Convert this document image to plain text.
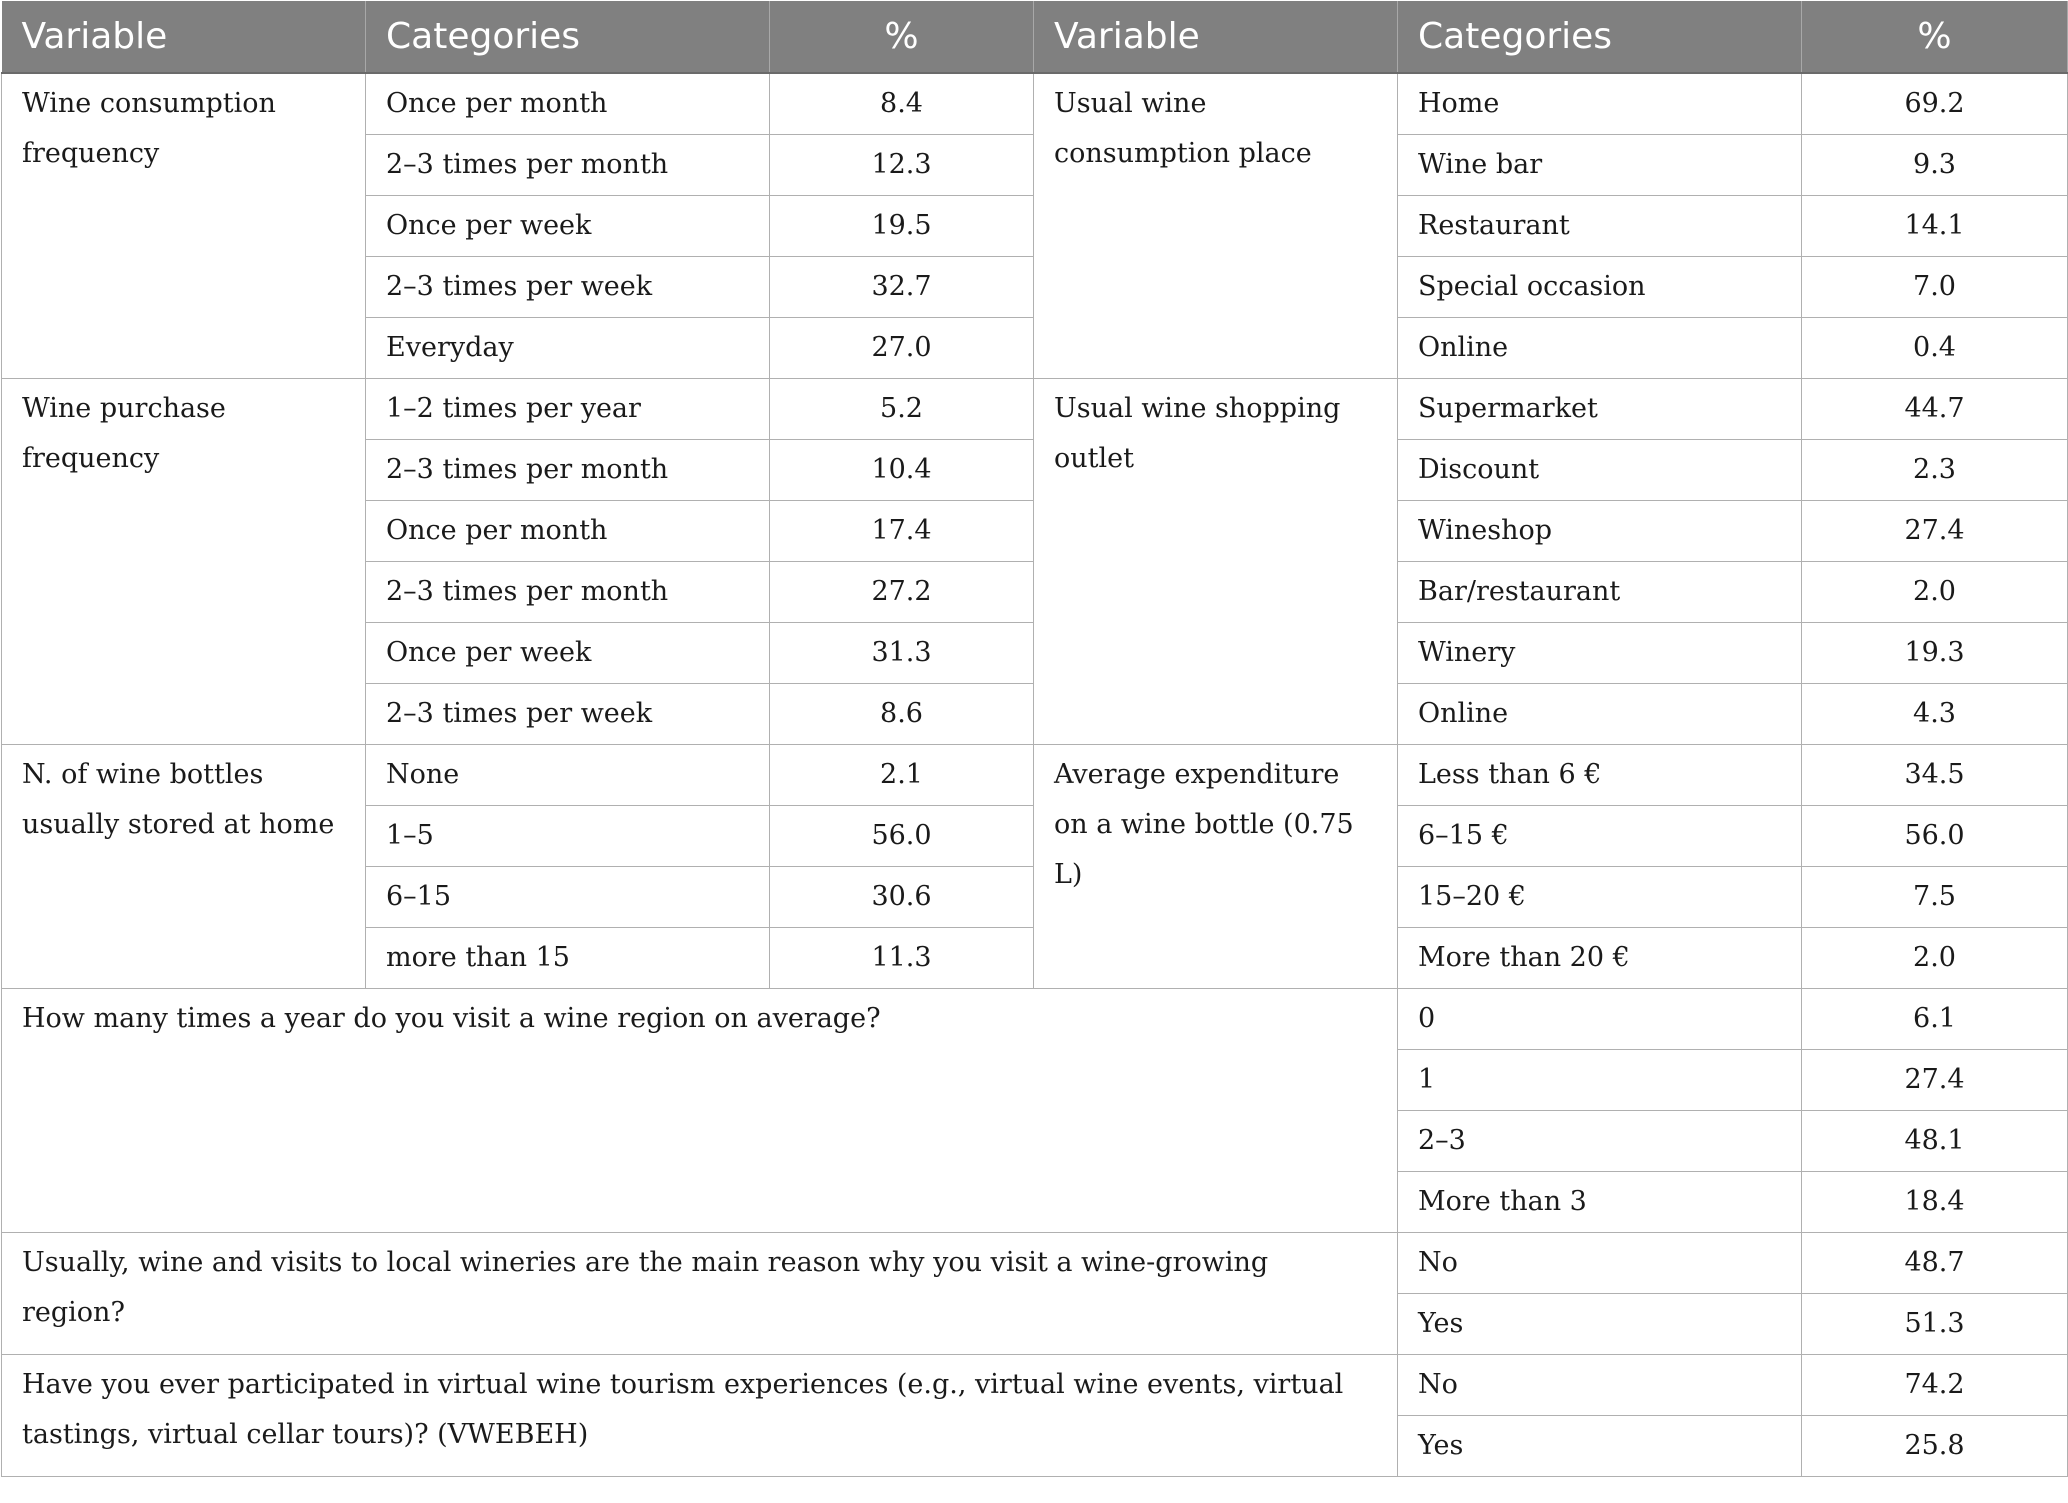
Variable	Categories	%	Variable	Categories	%
Wine consumption frequency	Once per month	8.4	Usual wine consumption place	Home	69.2
	2–3 times per month	12.3		Wine bar	9.3
	Once per week	19.5		Restaurant	14.1
	2–3 times per week	32.7		Special occasion	7.0
	Everyday	27.0		Online	0.4
Wine purchase frequency	1–2 times per year	5.2	Usual wine shopping outlet	Supermarket	44.7
	2–3 times per month	10.4		Discount	2.3
	Once per month	17.4		Wineshop	27.4
	2–3 times per month	27.2		Bar/restaurant	2.0
	Once per week	31.3		Winery	19.3
	2–3 times per week	8.6		Online	4.3
N. of wine bottles usually stored at home	None	2.1	Average expenditure on a wine bottle (0.75 L)	Less than 6 €	34.5
	1–5	56.0		6–15 €	56.0
	6–15	30.6		15–20 €	7.5
	more than 15	11.3		More than 20 €	2.0
How many times a year do you visit a wine region on average?				0	6.1
				1	27.4
				2–3	48.1
				More than 3	18.4
Usually, wine and visits to local wineries are the main reason why you visit a wine-growing region?				No	48.7
				Yes	51.3
Have you ever participated in virtual wine tourism experiences (e.g., virtual wine events, virtual tastings, virtual cellar tours)? (VWEBEH)				No	74.2
				Yes	25.8
